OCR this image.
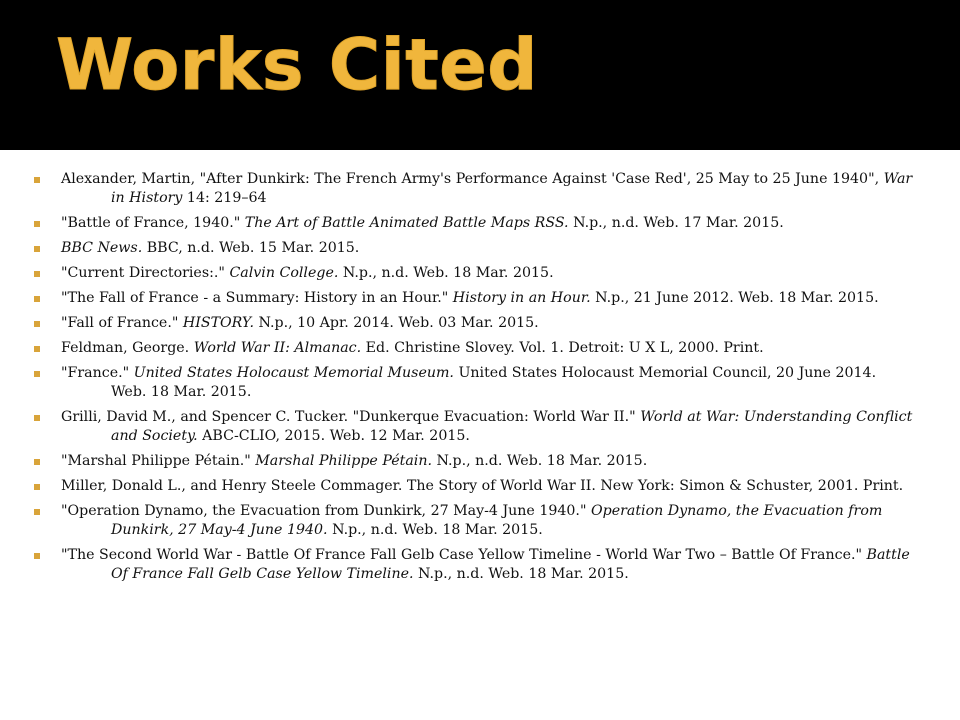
Works Cited
Alexander, Martin, "After Dunkirk: The French Army's Performance Against 'Case Red', 25 May to 25 June 1940", War in History 14: 219–64
"Battle of France, 1940." The Art of Battle Animated Battle Maps RSS. N.p., n.d. Web. 17 Mar. 2015.
BBC News. BBC, n.d. Web. 15 Mar. 2015.
"Current Directories:." Calvin College. N.p., n.d. Web. 18 Mar. 2015.
"The Fall of France - a Summary: History in an Hour." History in an Hour. N.p., 21 June 2012. Web. 18 Mar. 2015.
"Fall of France." HISTORY. N.p., 10 Apr. 2014. Web. 03 Mar. 2015.
Feldman, George. World War II: Almanac. Ed. Christine Slovey. Vol. 1. Detroit: U X L, 2000. Print.
"France." United States Holocaust Memorial Museum. United States Holocaust Memorial Council, 20 June 2014. Web. 18 Mar. 2015.
Grilli, David M., and Spencer C. Tucker. "Dunkerque Evacuation: World War II." World at War: Understanding Conflict and Society. ABC-CLIO, 2015. Web. 12 Mar. 2015.
"Marshal Philippe Pétain." Marshal Philippe Pétain. N.p., n.d. Web. 18 Mar. 2015.
Miller, Donald L., and Henry Steele Commager. The Story of World War II. New York: Simon & Schuster, 2001. Print.
"Operation Dynamo, the Evacuation from Dunkirk, 27 May-4 June 1940." Operation Dynamo, the Evacuation from Dunkirk, 27 May-4 June 1940. N.p., n.d. Web. 18 Mar. 2015.
"The Second World War - Battle Of France Fall Gelb Case Yellow Timeline - World War Two – Battle Of France." Battle Of France Fall Gelb Case Yellow Timeline. N.p., n.d. Web. 18 Mar. 2015.
